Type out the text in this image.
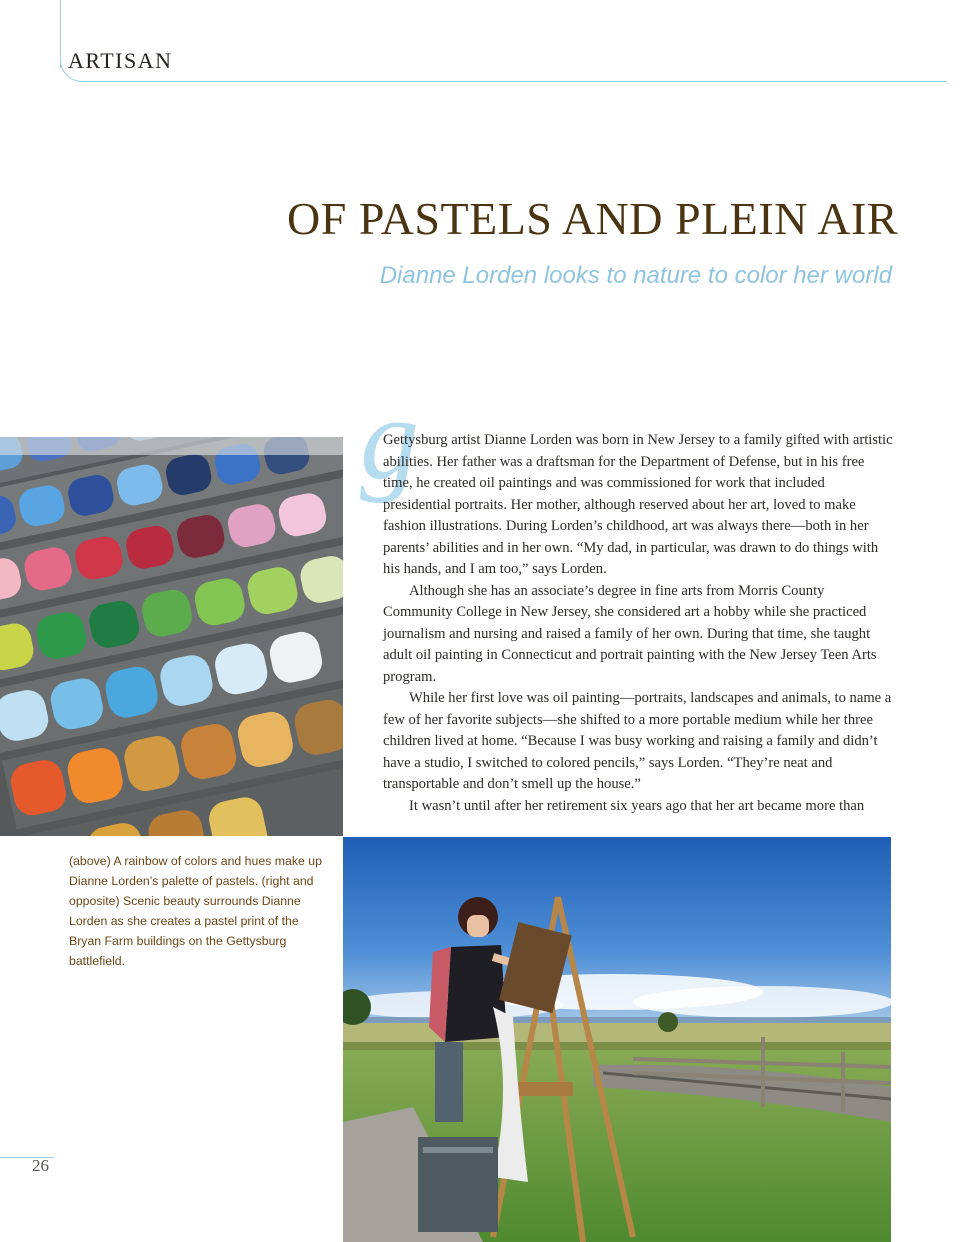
ARTISAN
OF PASTELS AND PLEIN AIR
Dianne Lorden looks to nature to color her world
g

Gettysburg artist Dianne Lorden was born in New Jersey to a family gifted with artistic abilities. Her father was a draftsman for the Department of Defense, but in his free time, he created oil paintings and was commissioned for work that included presidential portraits. Her mother, although reserved about her art, loved to make fashion illustrations. During Lorden’s childhood, art was always there—both in her parents’ abilities and in her own. “My dad, in particular, was drawn to do things with his hands, and I am too,” says Lorden.

Although she has an associate’s degree in fine arts from Morris County Community College in New Jersey, she considered art a hobby while she practiced journalism and nursing and raised a family of her own. During that time, she taught adult oil painting in Connecticut and portrait painting with the New Jersey Teen Arts program.

While her first love was oil painting—portraits, landscapes and animals, to name a few of her favorite subjects—she shifted to a more portable medium while her three children lived at home. “Because I was busy working and raising a family and didn’t have a studio, I switched to colored pencils,” says Lorden. “They’re neat and transportable and don’t smell up the house.”

It wasn’t until after her retirement six years ago that her art became more than

(above) A rainbow of colors and hues make up Dianne Lorden’s palette of pastels. (right and opposite) Scenic beauty surrounds Dianne Lorden as she creates a pastel print of the Bryan Farm buildings on the Gettysburg battlefield.
26
